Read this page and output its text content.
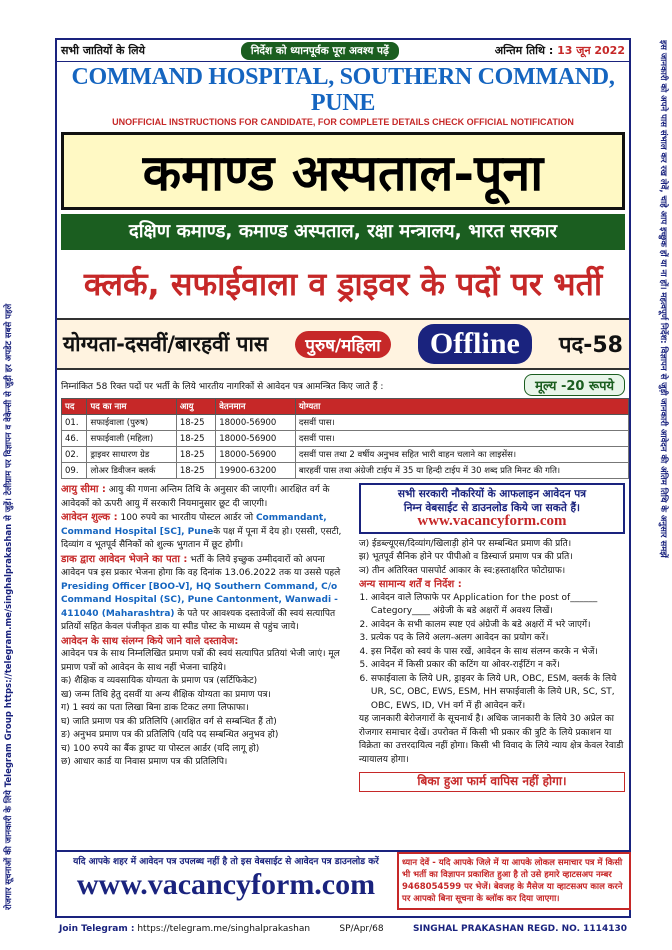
रोजगार सूचनाओं की जानकारी के लिये Telegram Group https://telegram.me/singhalprakashan से जुड़ें। टेलीग्राम पर विज्ञापन व वेकेन्सी से जुड़ी हर अपडेट सबसे पहले
इस जानकारी को अपने पास संभाल कर रख लेवें, चाहे आप इच्छुक हों या ना हों। महत्वपूर्ण निर्देश: विज्ञापन से जुड़ी जानकारी आवेदन की अंतिम तिथि के अनुसार समझें
सभी जातियों के लिये	निर्देश को ध्यानपूर्वक पूरा अवश्य पढ़ें	अन्तिम तिथि : 13 जून 2022
COMMAND HOSPITAL, SOUTHERN COMMAND, PUNE
UNOFFICIAL INSTRUCTIONS FOR CANDIDATE, FOR COMPLETE DETAILS CHECK OFFICIAL NOTIFICATION
कमाण्ड अस्पताल-पूना
दक्षिण कमाण्ड, कमाण्ड अस्पताल, रक्षा मन्त्रालय, भारत सरकार
क्लर्क, सफाईवाला व ड्राइवर के पदों पर भर्ती
योग्यता-दसवीं/बारहवीं पास	पुरुष/महिला	Offline	पद-58
निम्नांकित 58 रिक्त पदों पर भर्ती के लिये भारतीय नागरिकों से आवेदन पत्र आमन्त्रित किए जाते हैं :	मूल्य -20 रूपये
पद	पद का नाम	आयु	वेतनमान	योग्यता
01.	सफाईवाला (पुरुष)	18-25	18000-56900	दसवीं पास।
46.	सफाईवाली (महिला)	18-25	18000-56900	दसवीं पास।
02.	ड्राइवर साधारण ग्रेड	18-25	18000-56900	दसवीं पास तथा 2 वर्षीय अनुभव सहित भारी वाहन चलाने का लाइसेंस।
09.	लोअर डिवीजन क्लर्क	18-25	19900-63200	बारहवीं पास तथा अंग्रेजी टाईप में 35 या हिन्दी टाईप में 30 शब्द प्रति मिनट की गति।

आयु सीमा : आयु की गणना अन्तिम तिथि के अनुसार की जाएगी। आरक्षित वर्ग के आवेदकों को ऊपरी आयु में सरकारी नियमानुसार छूट दी जाएगी।

आवेदन शुल्क : 100 रुपये का भारतीय पोस्टल आर्डर जो Commandant, Command Hospital [SC], Puneके पक्ष में पूना में देय हो। एससी, एसटी, दिव्यांग व भूतपूर्व सैनिकों को शुल्क भुगतान में छूट होगी।

डाक द्वारा आवेदन भेजने का पता : भर्ती के लिये इच्छुक उम्मीदवारों को अपना आवेदन पत्र इस प्रकार भेजना होगा कि वह दिनांक 13.06.2022 तक या उससे पहले Presiding Officer [BOO-V], HQ Southern Command, C/o Command Hospital (SC), Pune Cantonment, Wanwadi - 411040 (Maharashtra) के पते पर आवश्यक दस्तावेजों की स्वयं सत्यापित प्रतियों सहित केवल पंजीकृत डाक या स्पीड पोस्ट के माध्यम से पहुंच जाये।

आवेदन के साथ संलग्न किये जाने वाले दस्तावेज:

आवेदन पत्र के साथ निम्नलिखित प्रमाण पत्रों की स्वयं सत्यापित प्रतियां भेजी जाएं। मूल प्रमाण पत्रों को आवेदन के साथ नहीं भेजना चाहिये।

क) शैक्षिक व व्यवसायिक योग्यता के प्रमाण पत्र (सर्टिफिकेट)

ख) जन्म तिथि हेतु दसवीं या अन्य शैक्षिक योग्यता का प्रमाण पत्र।

ग) 1 स्वयं का पता लिखा बिना डाक टिकट लगा लिफाफा।

घ) जाति प्रमाण पत्र की प्रतिलिपि (आरक्षित वर्ग से सम्बन्धित हैं तो)

ङ) अनुभव प्रमाण पत्र की प्रतिलिपि (यदि पद सम्बन्धित अनुभव हो)

च) 100 रुपये का बैंक ड्राफ्ट या पोस्टल आर्डर (यदि लागू हो)

छ) आधार कार्ड या निवास प्रमाण पत्र की प्रतिलिपि।

सभी सरकारी नौकरियों के आफलाइन आवेदन पत्र
निम्न वेबसाईट से डाउनलोड किये जा सकते हैं।
www.vacancyform.com

ज) ईडब्ल्यूएस/दिव्यांग/खिलाड़ी होने पर सम्बन्धित प्रमाण की प्रति।

झ) भूतपूर्व सैनिक होने पर पीपीओ व डिस्चार्ज प्रमाण पत्र की प्रति।

ञ) तीन अतिरिक्त पासपोर्ट आकार के स्व:हस्ताक्षरित फोटोग्राफ।

अन्य सामान्य शर्तें व निर्देश :

1. आवेदन वाले लिफाफे पर Application for the post of______ Category____ अंग्रेजी के बडे अक्षरों में अवश्य लिखें।
2. आवेदन के सभी कालम स्पष्ट एवं अंग्रेजी के बडे अक्षरों में भरे जाएगें।
3. प्रत्येक पद के लिये अलग-अलग आवेदन का प्रयोग करें।
4. इस निर्देश को स्वयं के पास रखें, आवेदन के साथ संलग्न करके न भेजें।
5. आवेदन में किसी प्रकार की कटिंग या ओवर-राईटिंग न करें।
6. सफाईवाला के लिये UR, ड्राइवर के लिये UR, OBC, ESM, क्लर्क के लिये UR, SC, OBC, EWS, ESM, HH सफाईवाली के लिये UR, SC, ST, OBC, EWS, ID, VH वर्ग में ही आवेदन करें।

यह जानकारी बेरोजगारों के सूचनार्थ है। अधिक जानकारी के लिये 30 अप्रेल का रोजगार समाचार देखें। उपरोक्त में किसी भी प्रकार की त्रुटि के लिये प्रकाशन या विक्रेता का उत्तरदायित्व नहीं होगा। किसी भी विवाद के लिये न्याय क्षेत्र केवल रेवाडी न्यायालय होगा।

बिका हुआ फार्म वापिस नहीं होगा।
यदि आपके शहर में आवेदन पत्र उपलब्ध नहीं है तो इस वेबसाईट से आवेदन पत्र डाउनलोड करें
www.vacancyform.com
ध्यान देवें - यदि आपके जिले में या आपके लोकल समाचार पत्र में किसी भी भर्ती का विज्ञापन प्रकाशित हुआ है तो उसे हमारे व्हाटसअप नम्बर 9468054599 पर भेजें। बेवजह के मैसेज या व्हाटसअप काल करने पर आपको बिना सूचना के ब्लॉक कर दिया जाएगा।
Join Telegram : https://telegram.me/singhalprakashan	SP/Apr/68	SINGHAL PRAKASHAN REGD. NO. 1114130
